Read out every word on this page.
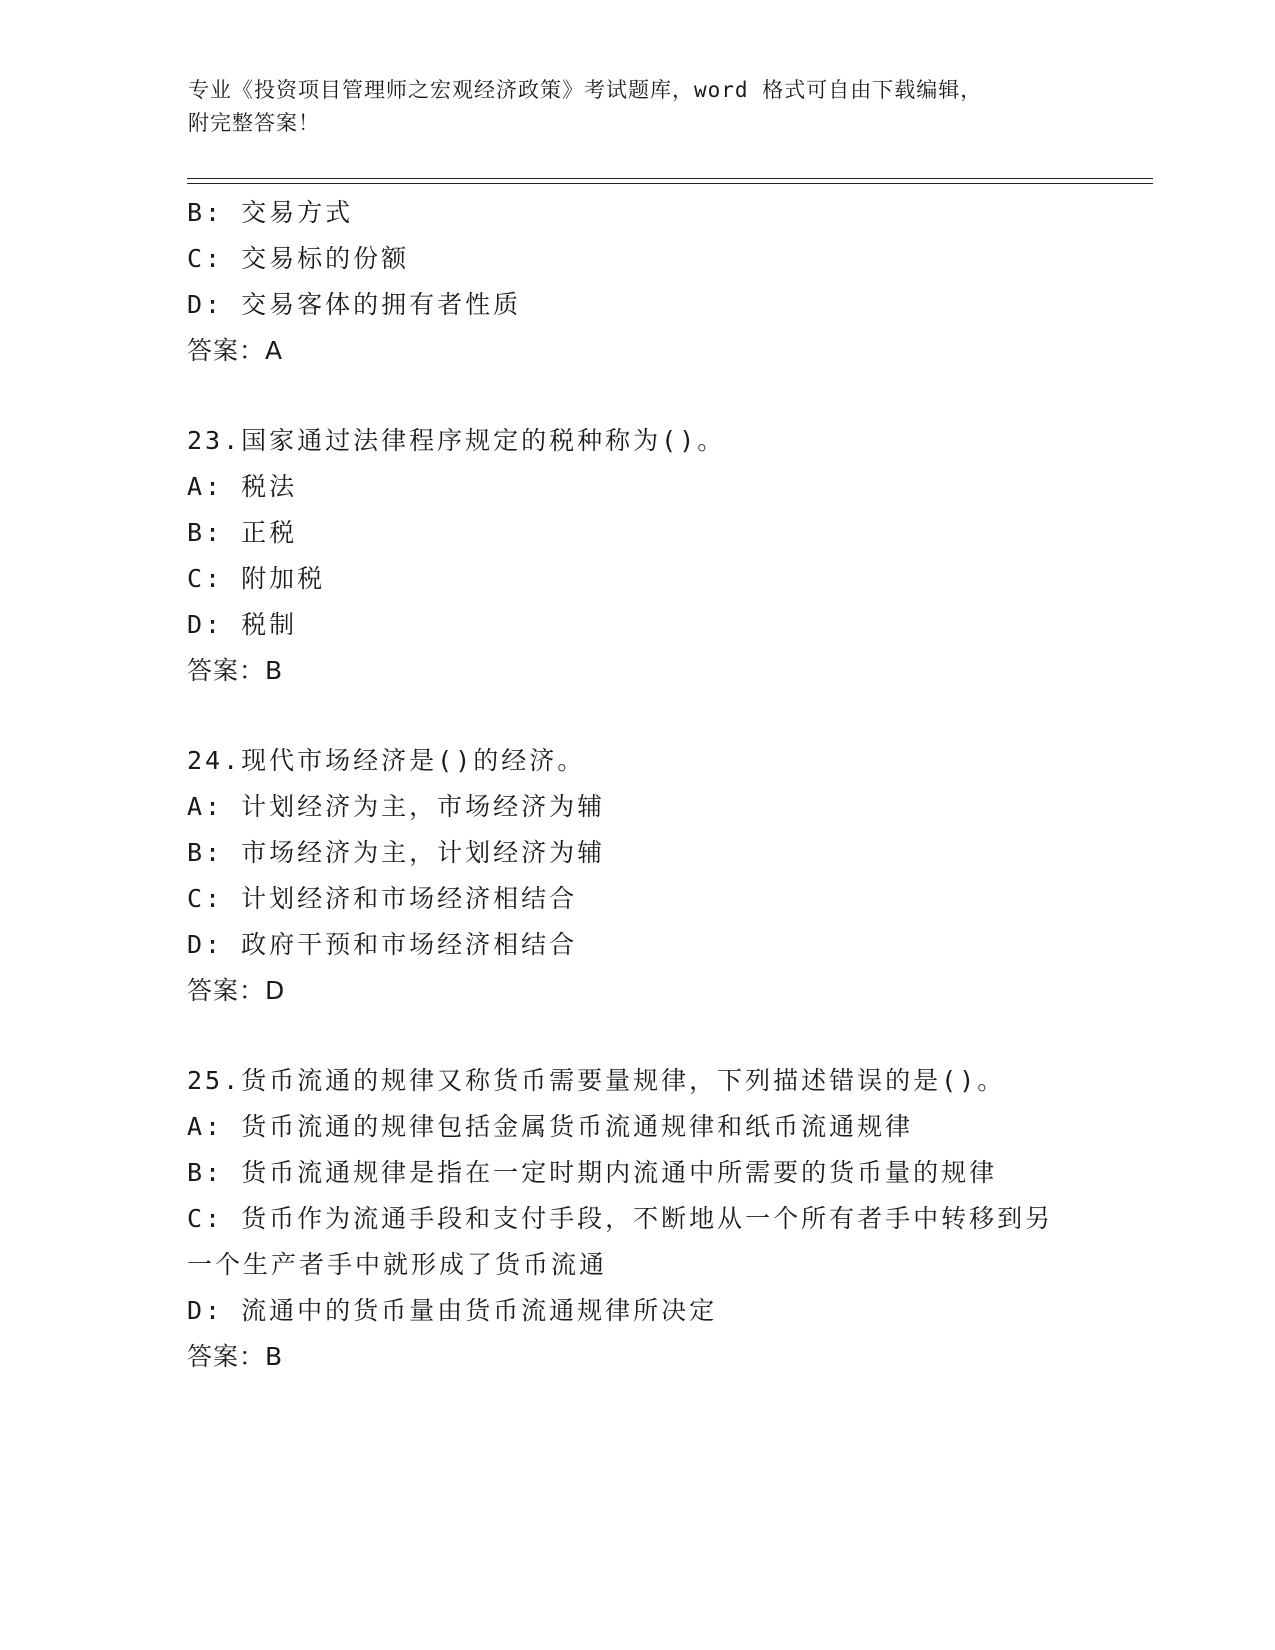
专业《投资项目管理师之宏观经济政策》考试题库，word 格式可自由下载编辑，

附完整答案！

B: 交易方式
C: 交易标的份额
D: 交易客体的拥有者性质
答案：A
23.国家通过法律程序规定的税种称为()。
A: 税法
B: 正税
C: 附加税
D: 税制
答案：B
24.现代市场经济是()的经济。
A: 计划经济为主，市场经济为辅
B: 市场经济为主，计划经济为辅
C: 计划经济和市场经济相结合
D: 政府干预和市场经济相结合
答案：D
25.货币流通的规律又称货币需要量规律，下列描述错误的是()。
A: 货币流通的规律包括金属货币流通规律和纸币流通规律
B: 货币流通规律是指在一定时期内流通中所需要的货币量的规律
C: 货币作为流通手段和支付手段，不断地从一个所有者手中转移到另
一个生产者手中就形成了货币流通
D: 流通中的货币量由货币流通规律所决定
答案：B
